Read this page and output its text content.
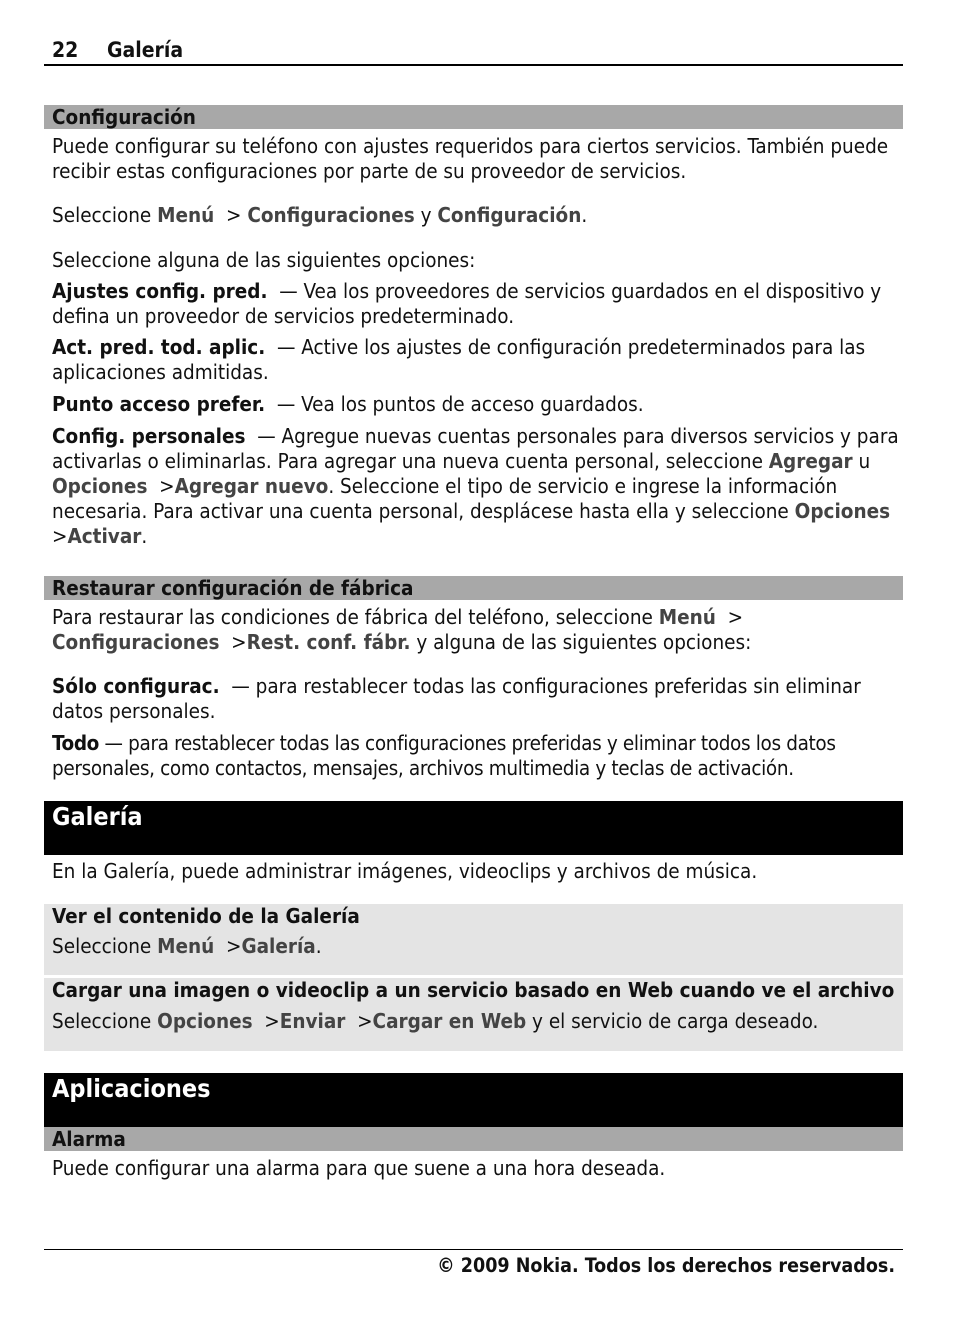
22 Galería
Configuración

Puede configurar su teléfono con ajustes requeridos para ciertos servicios. También puede recibir estas configuraciones por parte de su proveedor de servicios.

Seleccione Menú  > Configuraciones y Configuración.

Seleccione alguna de las siguientes opciones:

Ajustes config. pred. — Vea los proveedores de servicios guardados en el dispositivo y defina un proveedor de servicios predeterminado.

Act. pred. tod. aplic. — Active los ajustes de configuración predeterminados para las aplicaciones admitidas.

Punto acceso prefer. — Vea los puntos de acceso guardados.

Config. personales — Agregue nuevas cuentas personales para diversos servicios y para activarlas o eliminarlas. Para agregar una nueva cuenta personal, seleccione Agregar u Opciones  >Agregar nuevo. Seleccione el tipo de servicio e ingrese la información necesaria. Para activar una cuenta personal, desplácese hasta ella y seleccione Opciones  >Activar.

Restaurar configuración de fábrica

Para restaurar las condiciones de fábrica del teléfono, seleccione Menú  > Configuraciones  >Rest. conf. fábr. y alguna de las siguientes opciones:

Sólo configurac. — para restablecer todas las configuraciones preferidas sin eliminar datos personales.

Todo — para restablecer todas las configuraciones preferidas y eliminar todos los datos personales, como contactos, mensajes, archivos multimedia y teclas de activación.

Galería

En la Galería, puede administrar imágenes, videoclips y archivos de música.

Ver el contenido de la Galería

Seleccione Menú  >Galería.

Cargar una imagen o videoclip a un servicio basado en Web cuando ve el archivo

Seleccione Opciones  >Enviar  >Cargar en Web y el servicio de carga deseado.

Aplicaciones
Alarma

Puede configurar una alarma para que suene a una hora deseada.

© 2009 Nokia. Todos los derechos reservados.
